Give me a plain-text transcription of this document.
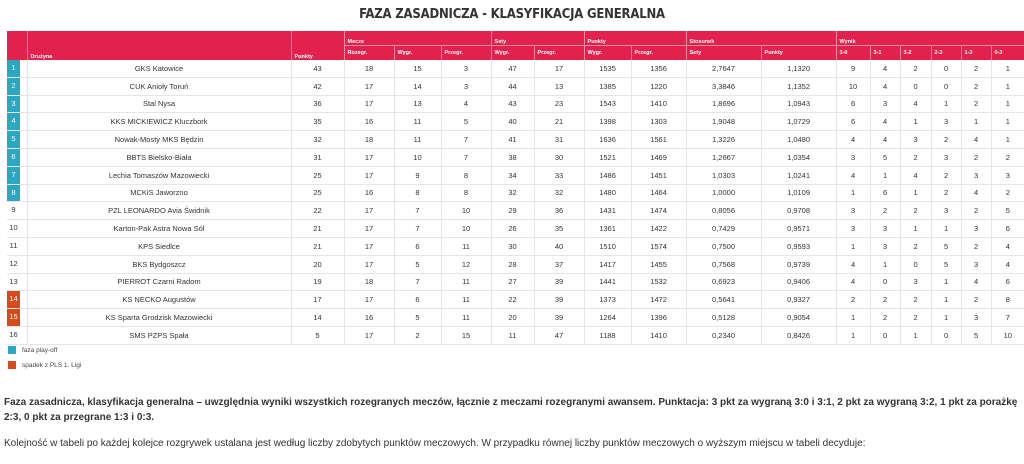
FAZA ZASADNICZA - KLASYFIKACJA GENERALNA
	Drużyna	Punkty	Mecze			Sety		Punkty		Stosunek		Wynik					
			Rozegr.	Wygr.	Przegr.	Wygr.	Przegr.	Wygr.	Przegr.	Sety	Punkty	3-0	3-1	3-2	2-3	1-3	0-3

1	GKS Katowice	43	18	15	3	47	17	1535	1356	2,7647	1,1320	9	4	2	0	2	1

2	CUK Anioły Toruń	42	17	14	3	44	13	1385	1220	3,3846	1,1352	10	4	0	0	2	1

3	Stal Nysa	36	17	13	4	43	23	1543	1410	1,8696	1,0943	6	3	4	1	2	1

4	KKS MICKIEWICZ Kluczbork	35	16	11	5	40	21	1398	1303	1,9048	1,0729	6	4	1	3	1	1

5	Nowak-Mosty MKS Będzin	32	18	11	7	41	31	1636	1561	1,3226	1,0480	4	4	3	2	4	1

6	BBTS Bielsko-Biała	31	17	10	7	38	30	1521	1469	1,2667	1,0354	3	5	2	3	2	2

7	Lechia Tomaszów Mazowiecki	25	17	9	8	34	33	1486	1451	1,0303	1,0241	4	1	4	2	3	3

8	MCKiS Jaworzno	25	16	8	8	32	32	1480	1464	1,0000	1,0109	1	6	1	2	4	2

9	PZL LEONARDO Avia Świdnik	22	17	7	10	29	36	1431	1474	0,8056	0,9708	3	2	2	3	2	5

10	Karton-Pak Astra Nowa Sól	21	17	7	10	26	35	1361	1422	0,7429	0,9571	3	3	1	1	3	6

11	KPS Siedlce	21	17	6	11	30	40	1510	1574	0,7500	0,9593	1	3	2	5	2	4

12	BKS Bydgoszcz	20	17	5	12	28	37	1417	1455	0,7568	0,9739	4	1	0	5	3	4

13	PIERROT Czarni Radom	19	18	7	11	27	39	1441	1532	0,6923	0,9406	4	0	3	1	4	6

14	KS NECKO Augustów	17	17	6	11	22	39	1373	1472	0,5641	0,9327	2	2	2	1	2	8

15	KS Sparta Grodzisk Mazowiecki	14	16	5	11	20	39	1264	1396	0,5128	0,9054	1	2	2	1	3	7

16	SMS PZPS Spała	5	17	2	15	11	47	1188	1410	0,2340	0,8426	1	0	1	0	5	10
faza play-off
spadek z PLS 1. Ligi
Faza zasadnicza, klasyfikacja generalna – uwzględnia wyniki wszystkich rozegranych meczów, łącznie z meczami rozegranymi awansem. Punktacja: 3 pkt za wygraną 3:0 i 3:1, 2 pkt za wygraną 3:2, 1 pkt za porażkę 2:3, 0 pkt za przegrane 1:3 i 0:3.
Kolejność w tabeli po każdej kolejce rozgrywek ustalana jest według liczby zdobytych punktów meczowych. W przypadku równej liczby punktów meczowych o wyższym miejscu w tabeli decyduje:
